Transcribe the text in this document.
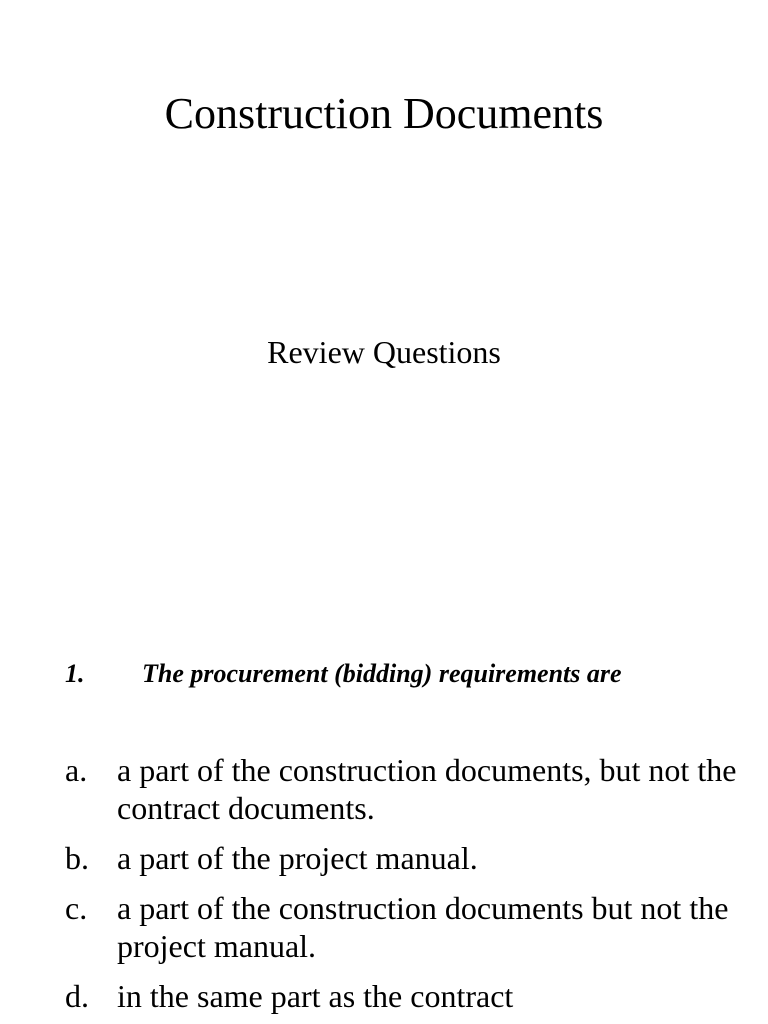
Construction Documents
Review Questions
1. The procurement (bidding) requirements are
a. a part of the construction documents, but not the contract documents.
b. a part of the project manual.
c. a part of the construction documents but not the project manual.
d. in the same part as the contract
